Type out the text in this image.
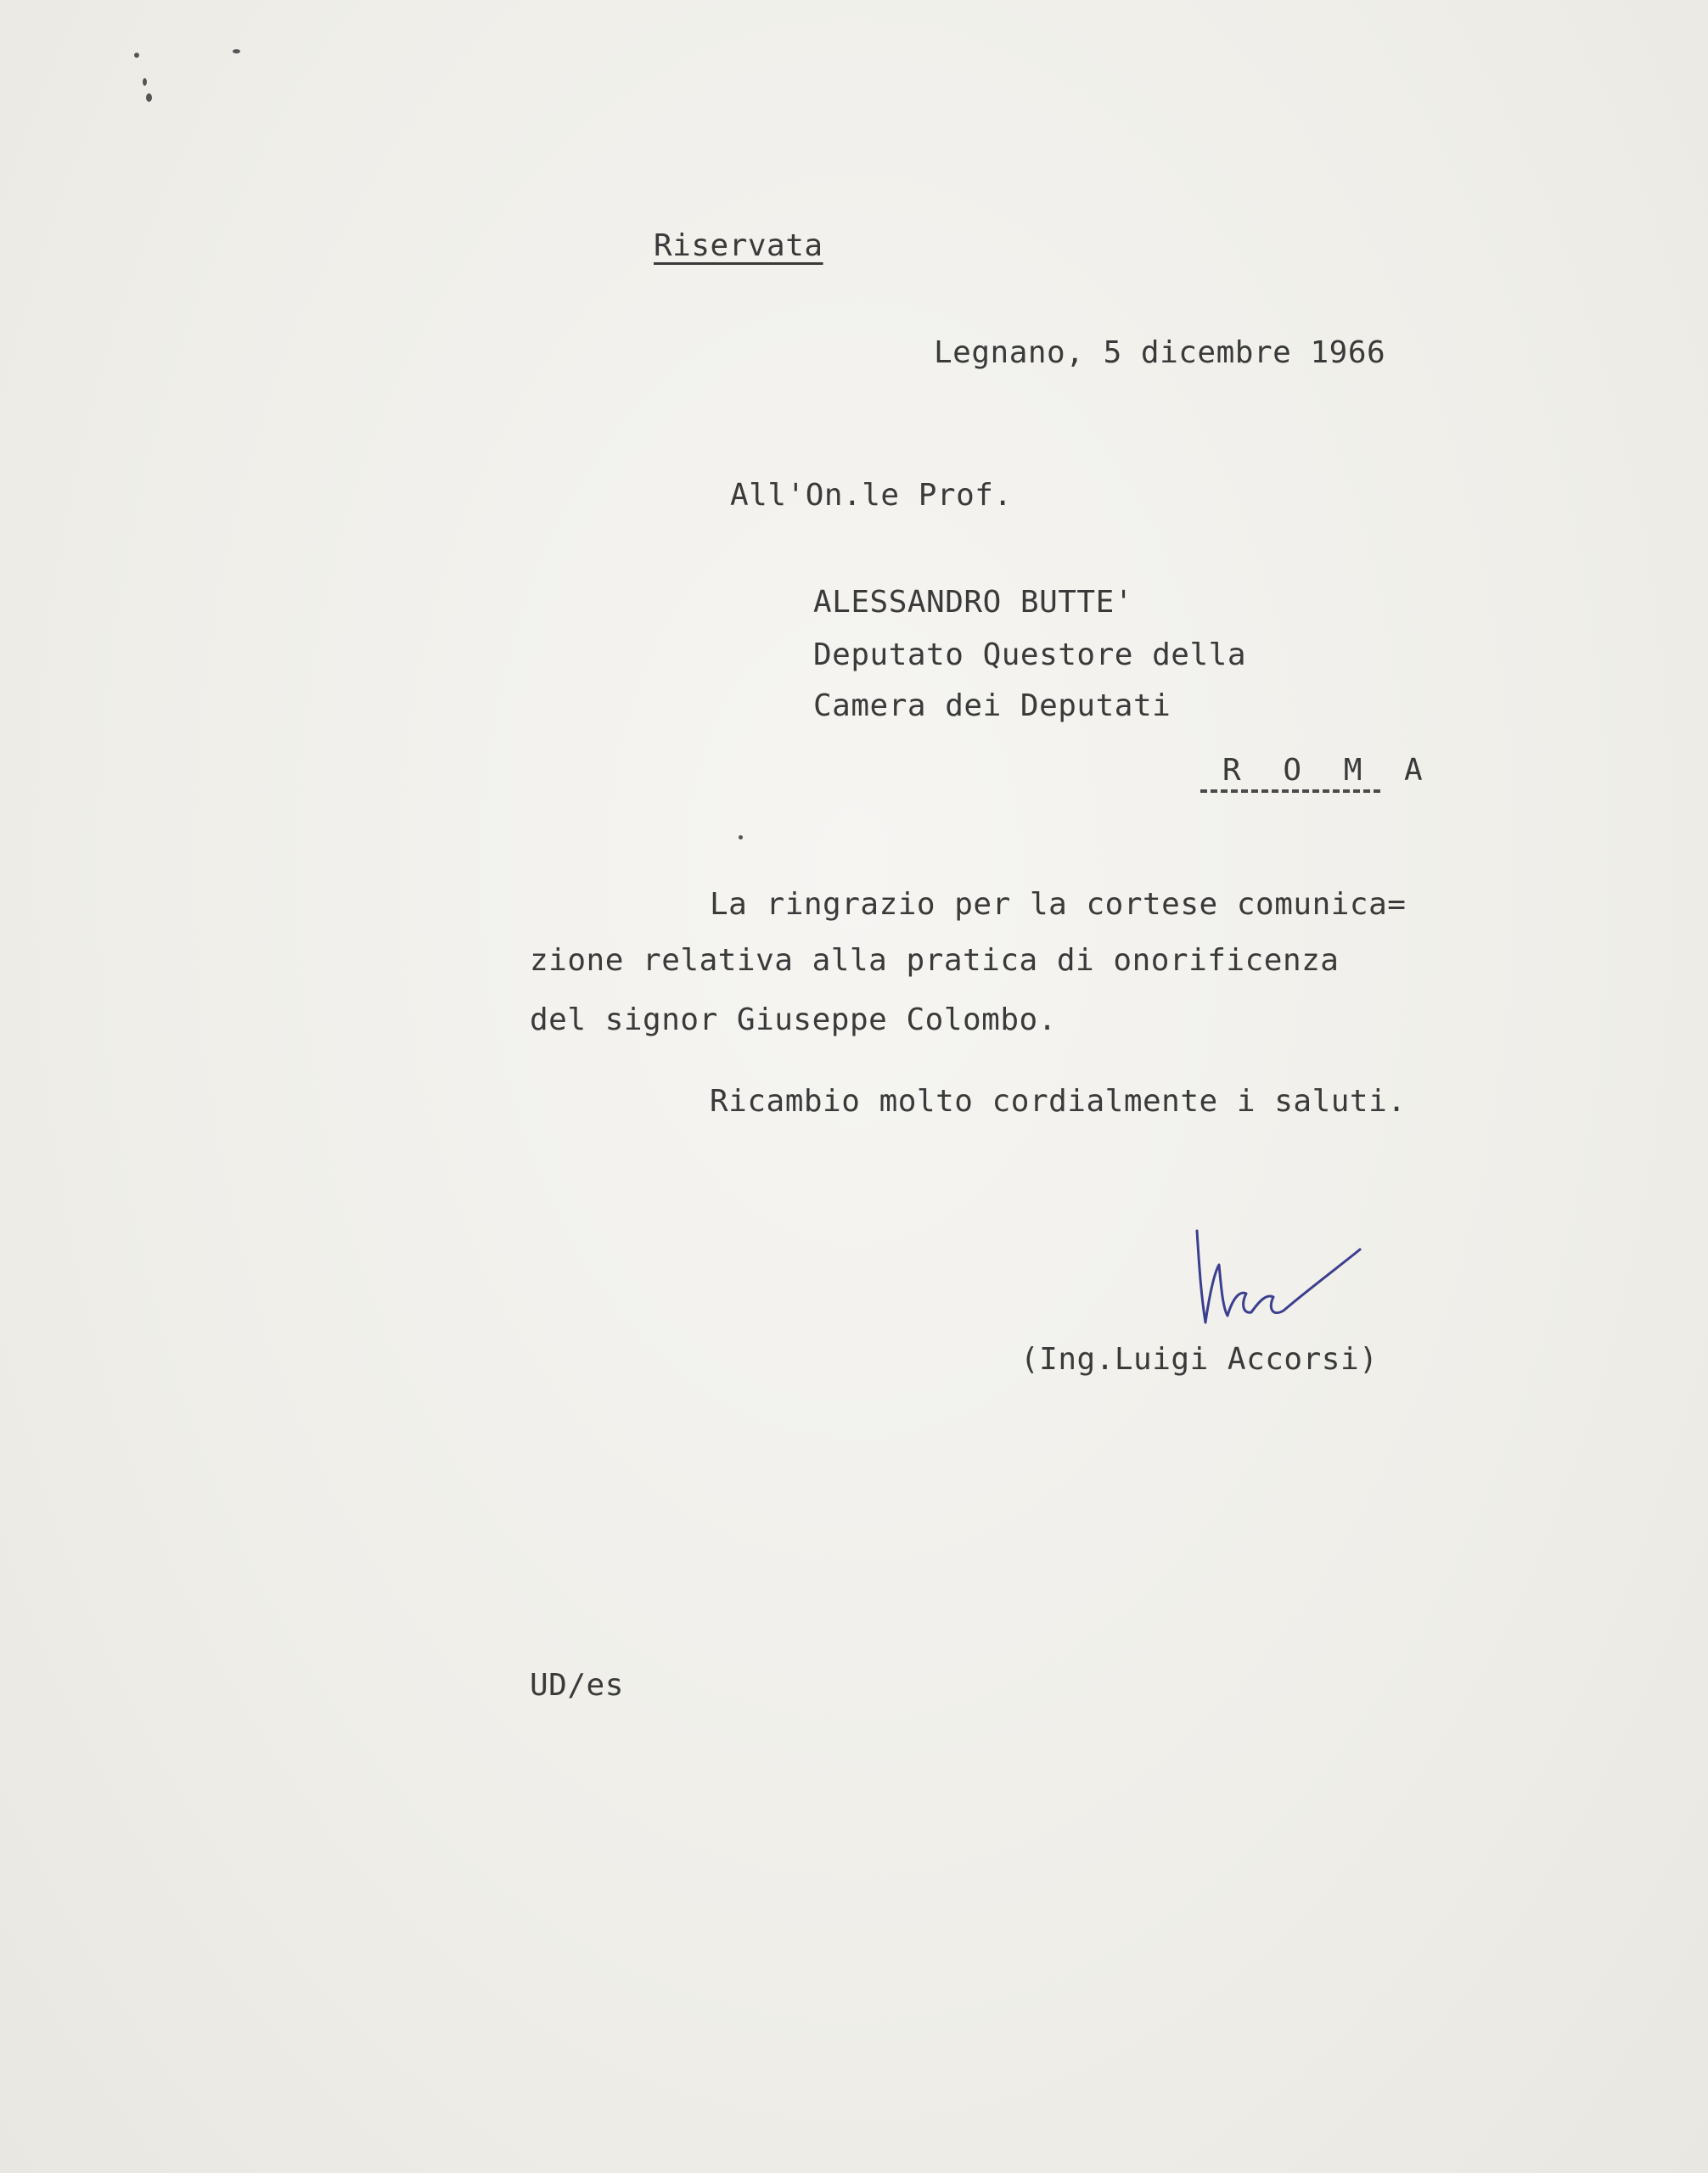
Riservata
Legnano, 5 dicembre 1966
All'On.le Prof.
ALESSANDRO BUTTE'
Deputato Questore della
Camera dei Deputati
R O M A
La ringrazio per la cortese comunica=
zione relativa alla pratica di onorificenza
del signor Giuseppe Colombo.
Ricambio molto cordialmente i saluti.
(Ing.Luigi Accorsi)
UD/es
